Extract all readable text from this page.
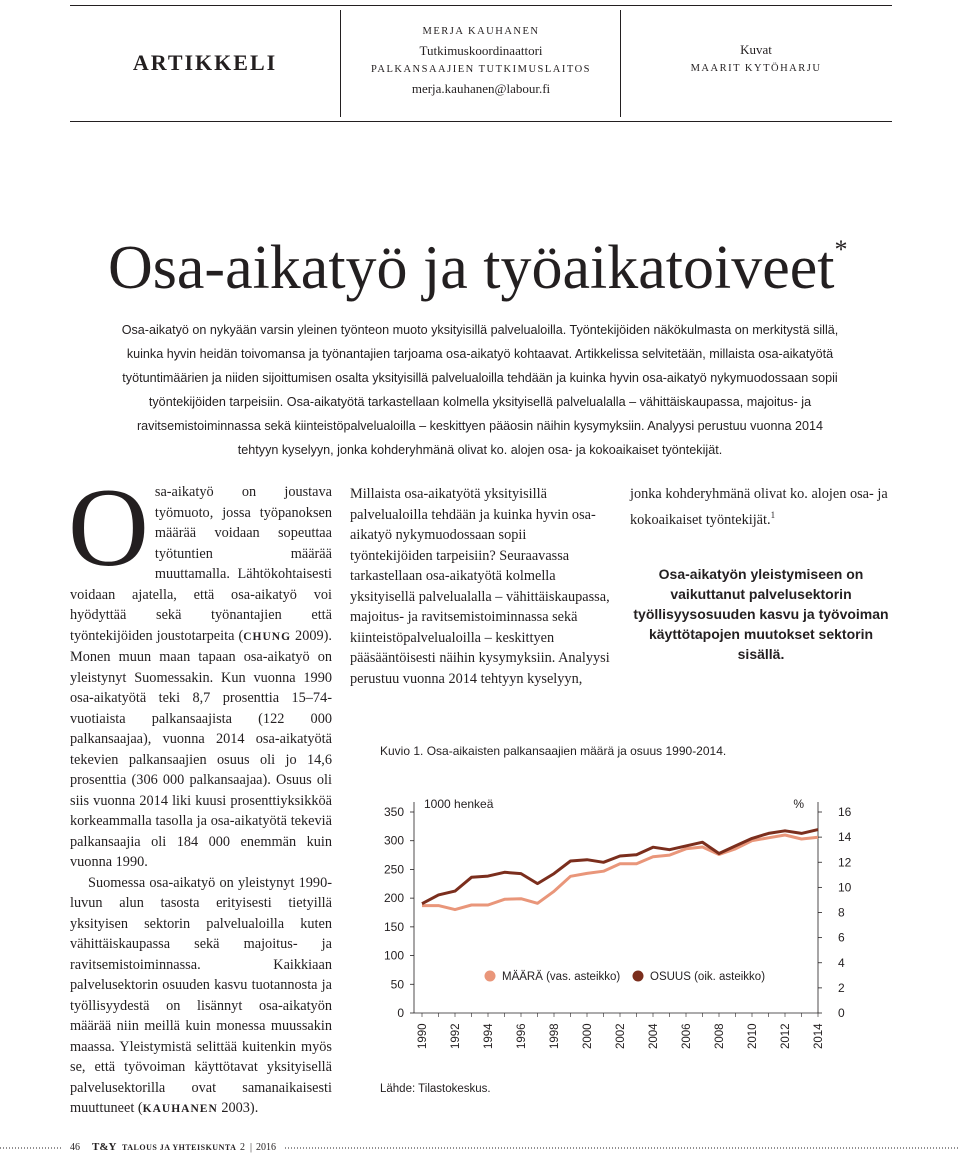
ARTIKKELI
MERJA KAUHANEN
Tutkimuskoordinaattori
PALKANSAAJIEN TUTKIMUSLAITOS
merja.kauhanen@labour.fi
Kuvat
MAARIT KYTÖHARJU
Osa-aikatyö ja työaikatoiveet*

Osa-aikatyö on nykyään varsin yleinen työnteon muoto yksityisillä palvelualoilla. Työntekijöiden näkökulmasta on merkitystä sillä, kuinka hyvin heidän toivomansa ja työnantajien tarjoama osa-aikatyö kohtaavat. Artikkelissa selvitetään, millaista osa-aikatyötä työtuntimäärien ja niiden sijoittumisen osalta yksityisillä palvelualoilla tehdään ja kuinka hyvin osa-aikatyö nykymuodossaan sopii työntekijöiden tarpeisiin. Osa-aikatyötä tarkastellaan kolmella yksityisellä palvelualalla – vähittäiskaupassa, majoitus- ja ravitsemistoiminnassa sekä kiinteistöpalvelualoilla – keskittyen pääosin näihin kysymyksiin. Analyysi perustuu vuonna 2014 tehtyyn kyselyyn, jonka kohderyhmänä olivat ko. alojen osa- ja kokoaikaiset työntekijät.

Osa-aikatyö on joustava työmuoto, jossa työpanoksen määrää voidaan sopeuttaa työtuntien määrää muuttamalla. Lähtökohtaisesti voidaan ajatella, että osa-aikatyö voi hyödyttää sekä työnantajien että työntekijöiden joustotarpeita (CHUNG 2009). Monen muun maan tapaan osa-aikatyö on yleistynyt Suomessakin. Kun vuonna 1990 osa-aikatyötä teki 8,7 prosenttia 15–74-vuotiaista palkansaajista (122 000 palkansaajaa), vuonna 2014 osa-aikatyötä tekevien palkansaajien osuus oli jo 14,6 prosenttia (306 000 palkansaajaa). Osuus oli siis vuonna 2014 liki kuusi prosenttiyksikköä korkeammalla tasolla ja osa-aikatyötä tekeviä palkansaajia oli 184 000 enemmän kuin vuonna 1990.
Suomessa osa-aikatyö on yleistynyt 1990-luvun alun tasosta erityisesti tietyillä yksityisen sektorin palvelualoilla kuten vähittäiskaupassa sekä majoitus- ja ravitsemistoiminnassa. Kaikkiaan palvelusektorin osuuden kasvu tuotannosta ja työllisyydestä on lisännyt osa-aikatyön määrää niin meillä kuin monessa muussakin maassa. Yleistymistä selittää kuitenkin myös se, että työvoiman käyttötavat yksityisellä palvelusektorilla ovat samanaikaisesti muuttuneet (KAUHANEN 2003).

Millaista osa-aikatyötä yksityisillä palvelualoilla tehdään ja kuinka hyvin osa-aikatyö nykymuodossaan sopii työntekijöiden tarpeisiin? Seuraavassa tarkastellaan osa-aikatyötä kolmella yksityisellä palvelualalla – vähittäiskaupassa, majoitus- ja ravitsemistoiminnassa sekä kiinteistöpalvelualoilla – keskittyen pääsääntöisesti näihin kysymyksiin. Analyysi perustuu vuonna 2014 tehtyyn kyselyyn,

jonka kohderyhmänä olivat ko. alojen osa- ja kokoaikaiset työntekijät.$^1$

Osa-aikatyön yleistymiseen on vaikuttanut palvelusektorin työllisyysosuuden kasvu ja työvoiman käyttötapojen muutokset sektorin sisällä.

Kuvio 1. Osa-aikaisten palkansaajien määrä ja osuus 1990-2014.
0
50
100
150
200
250
300
350
0
2
4
6
8
10
12
14
16
1990 1992 1994 1996 1998 2000 2002 2004 2006 2008 2010 2012 2014
1000 henkeä	%
MÄÄRÄ (vas. asteikko)	OSUUS (oik. asteikko)
Lähde: Tilastokeskus.
46 T&Y TALOUS JA YHTEISKUNTA 2 | 2016
